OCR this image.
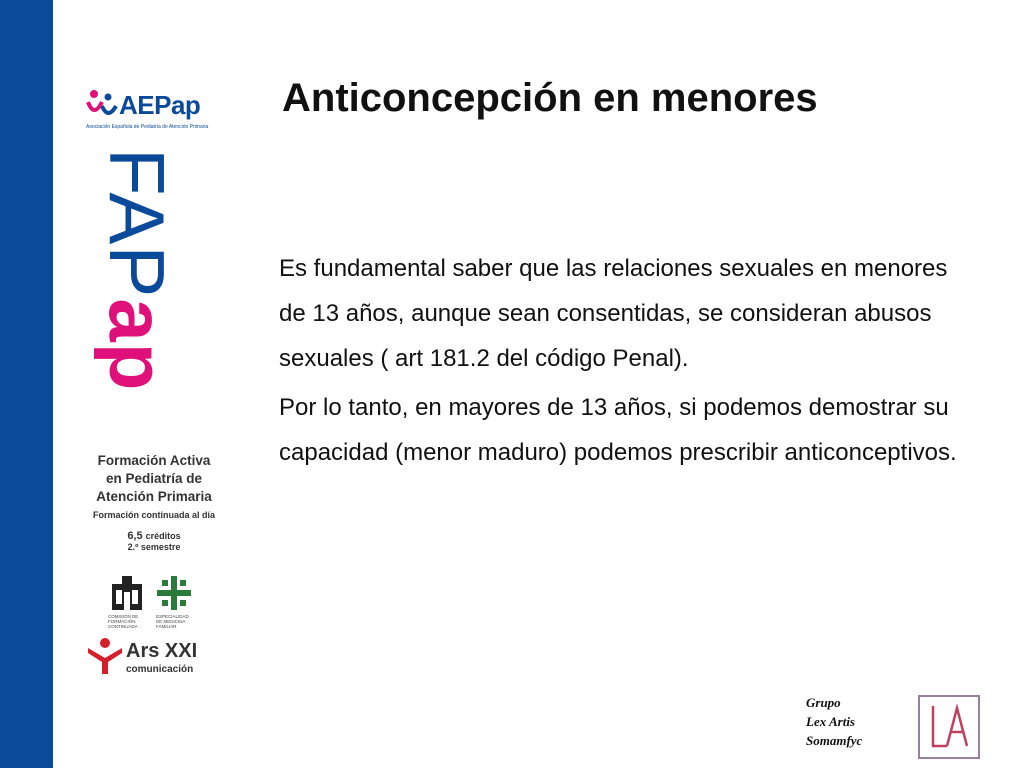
AEPap
Asociación Española de Pediatría de Atención Primaria
FAPap
Formación Activa
en Pediatría de
Atención Primaria
Formación continuada al día
6,5 créditos
2.º semestre
COMISIÓN DE FORMACIÓN CONTINUADA
ESPECIALIDAD DE MEDICINA FAMILIAR
Ars XXI
comunicación
Anticoncepción en menores

Es fundamental saber que las relaciones sexuales en menores de 13 años, aunque sean consentidas, se consideran abusos sexuales ( art 181.2 del código Penal).

Por lo tanto, en mayores de 13 años, si podemos demostrar su capacidad (menor maduro) podemos prescribir anticonceptivos.

Grupo
Lex Artis
Somamfyc
